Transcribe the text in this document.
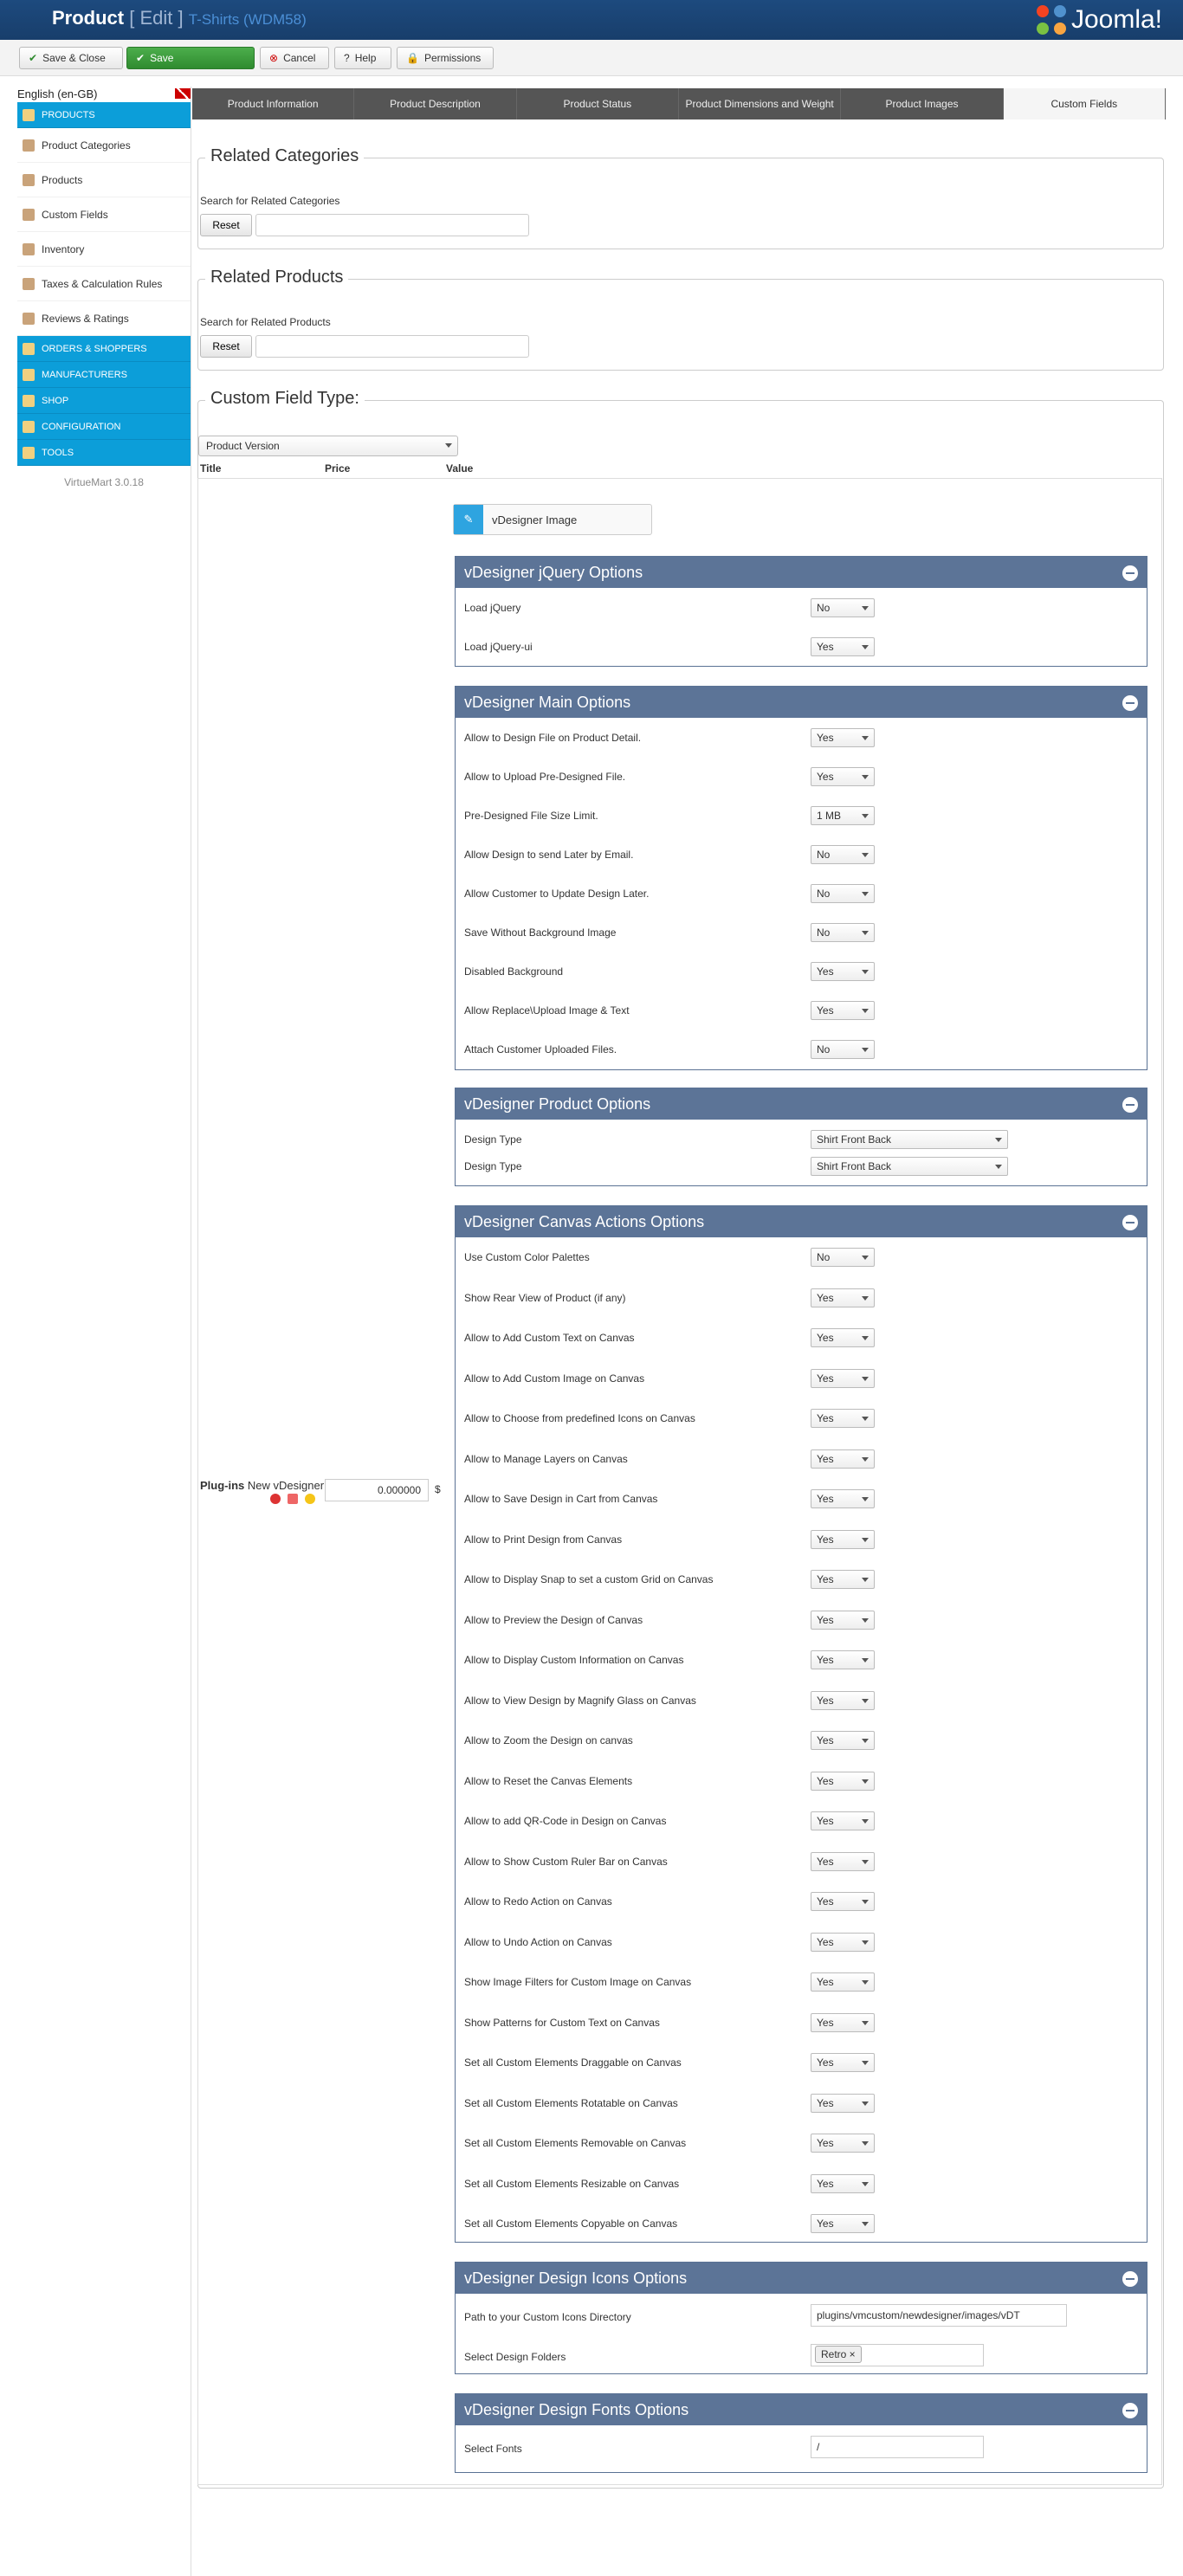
Product [ Edit ] T-Shirts (WDM58)	Joomla!
✔ Save & Close	✔ Save	⊗ Cancel	? Help	🔒 Permissions
English (en-GB)
PRODUCTS
Product Categories
Products
Custom Fields
Inventory
Taxes & Calculation Rules
Reviews & Ratings
ORDERS & SHOPPERS
MANUFACTURERS
SHOP
CONFIGURATION
TOOLS
VirtueMart 3.0.18
Product Information	Product Description	Product Status	Product Dimensions and Weight	Product Images	Custom Fields
Related Categories
Search for Related Categories
Reset
Related Products
Search for Related Products
Reset
Custom Field Type:
Product Version
Title	Price	Value
Plug-ins New vDesigner	0.000000	$
✎	vDesigner Image
vDesigner jQuery Options
Load jQuery	No
Load jQuery-ui	Yes
vDesigner Main Options
Allow to Design File on Product Detail.	Yes
Allow to Upload Pre-Designed File.	Yes
Pre-Designed File Size Limit.	1 MB
Allow Design to send Later by Email.	No
Allow Customer to Update Design Later.	No
Save Without Background Image	No
Disabled Background	Yes
Allow Replace\Upload Image & Text	Yes
Attach Customer Uploaded Files.	No
vDesigner Product Options
Design Type	Shirt Front Back
Design Type	Shirt Front Back
vDesigner Canvas Actions Options
Use Custom Color Palettes	No
Show Rear View of Product (if any)	Yes
Allow to Add Custom Text on Canvas	Yes
Allow to Add Custom Image on Canvas	Yes
Allow to Choose from predefined Icons on Canvas	Yes
Allow to Manage Layers on Canvas	Yes
Allow to Save Design in Cart from Canvas	Yes
Allow to Print Design from Canvas	Yes
Allow to Display Snap to set a custom Grid on Canvas	Yes
Allow to Preview the Design of Canvas	Yes
Allow to Display Custom Information on Canvas	Yes
Allow to View Design by Magnify Glass on Canvas	Yes
Allow to Zoom the Design on canvas	Yes
Allow to Reset the Canvas Elements	Yes
Allow to add QR-Code in Design on Canvas	Yes
Allow to Show Custom Ruler Bar on Canvas	Yes
Allow to Redo Action on Canvas	Yes
Allow to Undo Action on Canvas	Yes
Show Image Filters for Custom Image on Canvas	Yes
Show Patterns for Custom Text on Canvas	Yes
Set all Custom Elements Draggable on Canvas	Yes
Set all Custom Elements Rotatable on Canvas	Yes
Set all Custom Elements Removable on Canvas	Yes
Set all Custom Elements Resizable on Canvas	Yes
Set all Custom Elements Copyable on Canvas	Yes
vDesigner Design Icons Options
Path to your Custom Icons Directory	plugins/vmcustom/newdesigner/images/vDT
Select Design Folders	Retro ×
vDesigner Design Fonts Options
Select Fonts	/
